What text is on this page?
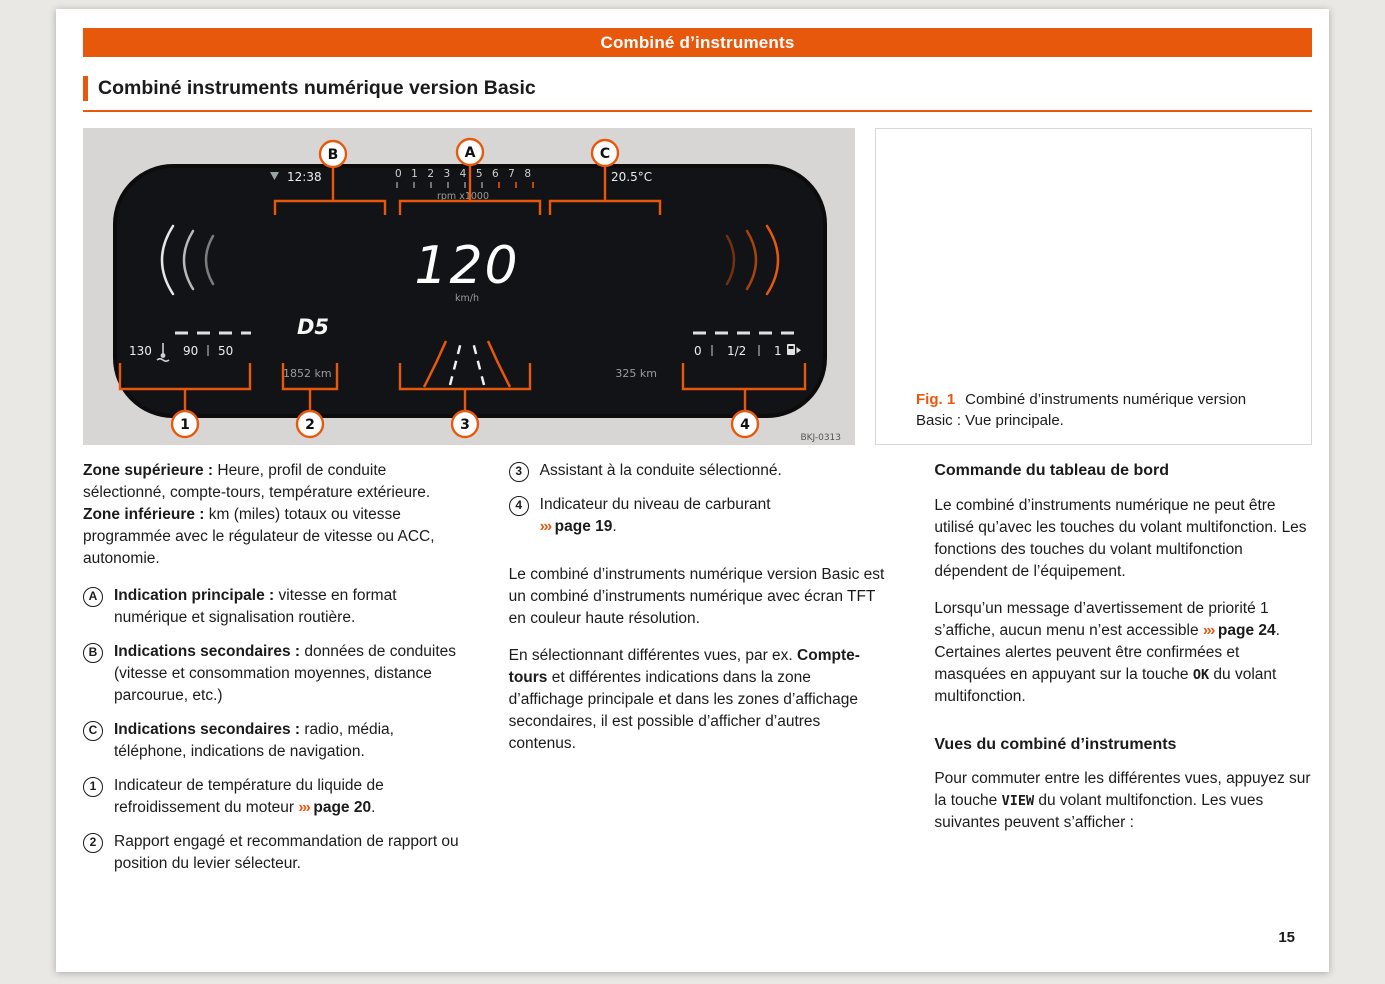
Combiné d’instruments
Combiné instruments numérique version Basic
12:38	0 1 2 3 4 5 6 7 8
rpm x1000
20.5°C
120
km/h
D5
130	90 50	0 1/2 1
1852 km	325 km
BKJ-0313
B	A	C
1	2	3	4

Fig. 1 Combiné d’instruments numérique version Basic : Vue principale.

Zone supérieure : Heure, profil de conduite sélectionné, compte-tours, température extérieure. Zone inférieure : km (miles) totaux ou vitesse programmée avec le régulateur de vitesse ou ACC, autonomie.

A	Indication principale : vitesse en format numérique et signalisation routière.

B	Indications secondaires : données de conduites (vitesse et consommation moyennes, distance parcourue, etc.)

C	Indications secondaires : radio, média, téléphone, indications de navigation.

1	Indicateur de température du liquide de refroidissement du moteur ››› page 20.

2	Rapport engagé et recommandation de rapport ou position du levier sélecteur.

3	Assistant à la conduite sélectionné.

4	Indicateur du niveau de carburant
››› page 19.

Le combiné d’instruments numérique version Basic est un combiné d’instruments numérique avec écran TFT en couleur haute résolution.

En sélectionnant différentes vues, par ex. Compte-tours et différentes indications dans la zone d’affichage principale et dans les zones d’affichage secondaires, il est possible d’afficher d’autres contenus.

Commande du tableau de bord

Le combiné d’instruments numérique ne peut être utilisé qu’avec les touches du volant multifonction. Les fonctions des touches du volant multifonction dépendent de l’équipement.

Lorsqu’un message d’avertissement de priorité 1 s’affiche, aucun menu n’est accessible ››› page 24. Certaines alertes peuvent être confirmées et masquées en appuyant sur la touche OK du volant multifonction.

Vues du combiné d’instruments

Pour commuter entre les différentes vues, appuyez sur la touche VIEW du volant multifonction. Les vues suivantes peuvent s’afficher :

15
